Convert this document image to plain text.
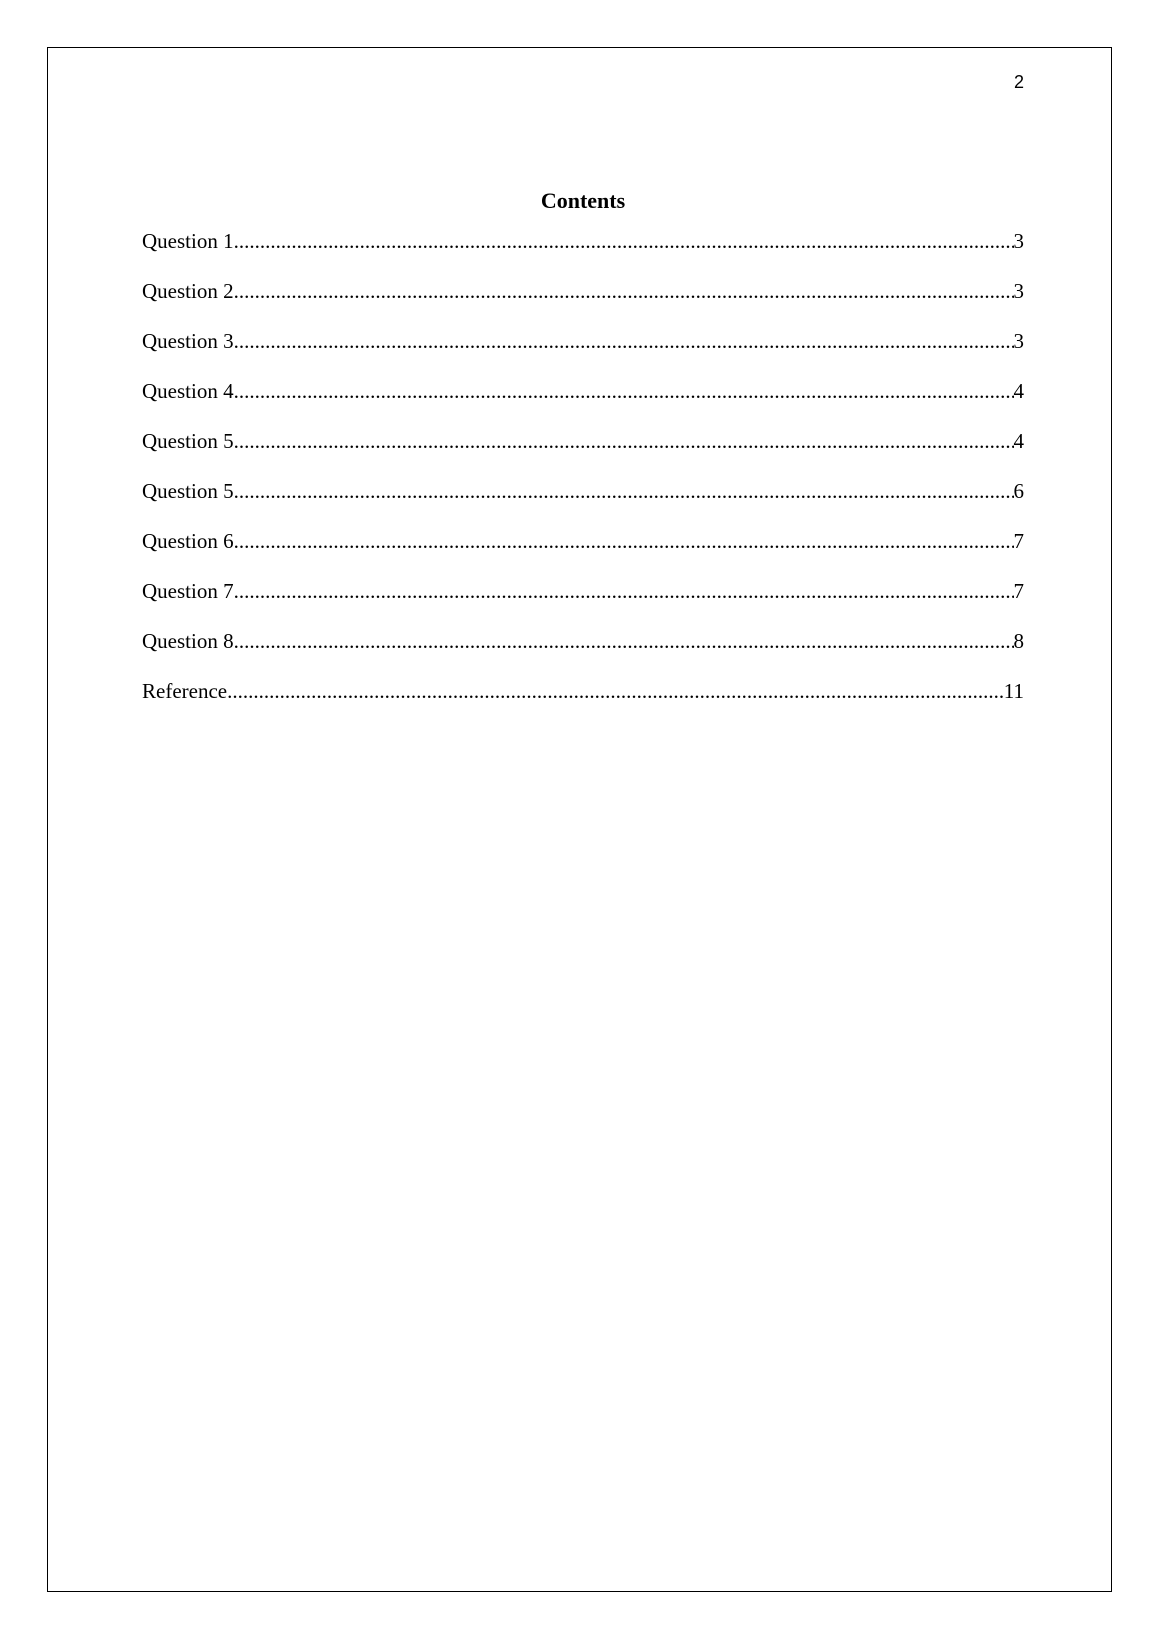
2
Contents
Question 1 .....	3
Question 2 .....	3
Question 3 .....	3
Question 4 .....	4
Question 5 .....	4
Question 5 .....	6
Question 6 .....	7
Question 7 .....	7
Question 8 .....	8
Reference .....	11
